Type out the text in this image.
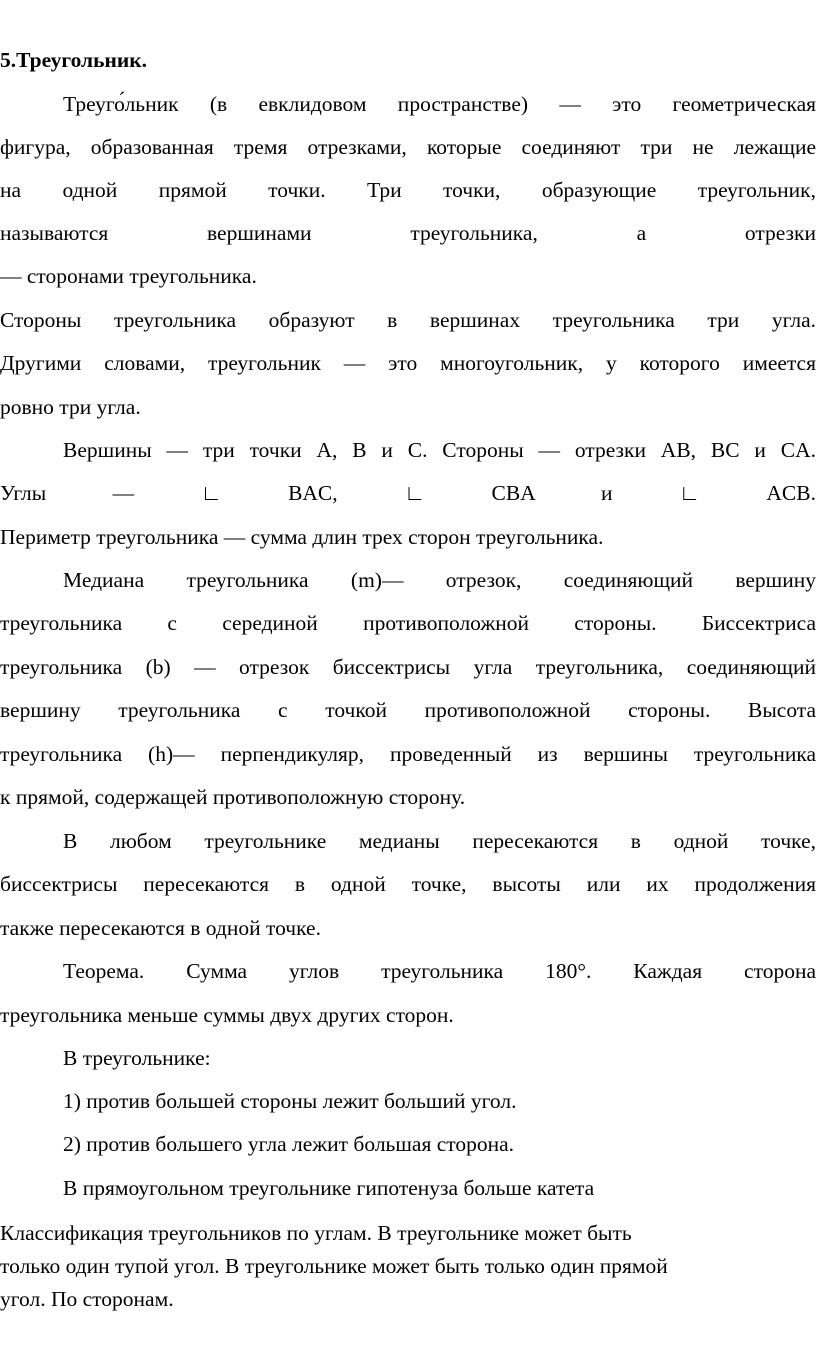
5.Треугольник.
Треуго́льник (в евклидовом пространстве) — это геометрическая
фигура, образованная тремя отрезками, которые соединяют три не лежащие
на одной прямой точки. Три точки, образующие треугольник,
называются вершинами треугольника, а отрезки
— сторонами треугольника.
Стороны треугольника образуют в вершинах треугольника три угла.
Другими словами, треугольник — это многоугольник, у которого имеется
ровно три угла.
Вершины — три точки A, B и C. Стороны — отрезки AB, BC и CA.
Углы — ∟ BAC, ∟ CBA и ∟ ACB.
Периметр треугольника — сумма длин трех сторон треугольника.
Медиана треугольника (m)— отрезок, соединяющий вершину
треугольника с серединой противоположной стороны. Биссектриса
треугольника (b) — отрезок биссектрисы угла треугольника, соединяющий
вершину треугольника с точкой противоположной стороны. Высота
треугольника (h)— перпендикуляр, проведенный из вершины треугольника
к прямой, содержащей противоположную сторону.
В любом треугольнике медианы пересекаются в одной точке,
биссектрисы пересекаются в одной точке, высоты или их продолжения
также пересекаются в одной точке.
Теорема. Сумма углов треугольника 180°. Каждая сторона
треугольника меньше суммы двух других сторон.
В треугольнике:
1) против большей стороны лежит больший угол.
2) против большего угла лежит большая сторона.
В прямоугольном треугольнике гипотенуза больше катета
Классификация треугольников по углам. В треугольнике может быть
только один тупой угол. В треугольнике может быть только один прямой
угол. По сторонам.
